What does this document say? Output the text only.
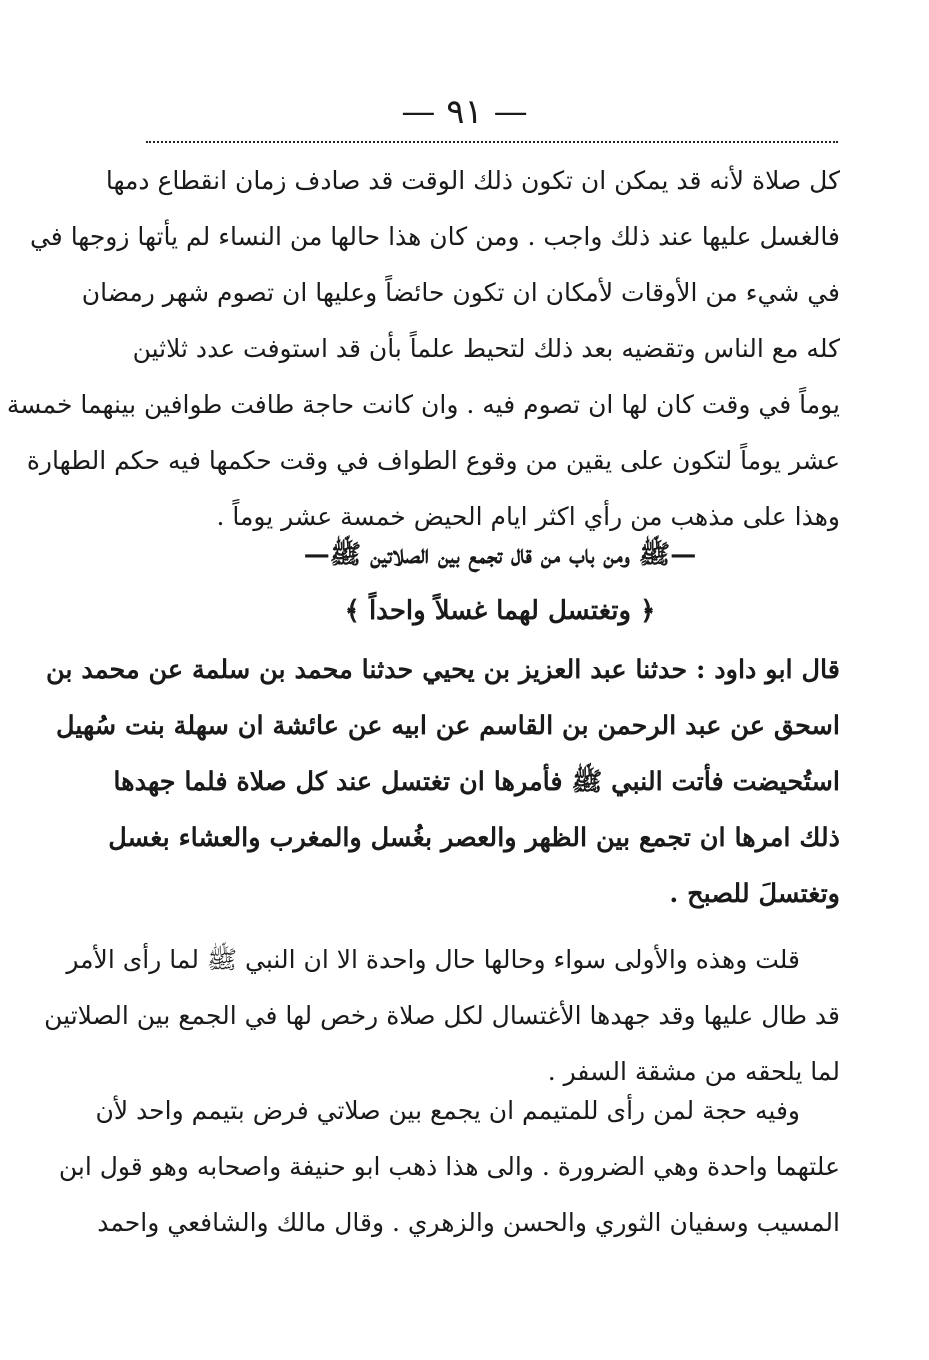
— ٩١ —
كل صلاة لأنه قد يمكن ان تكون ذلك الوقت قد صادف زمان انقطاع دمها
فالغسل عليها عند ذلك واجب . ومن كان هذا حالها من النساء لم يأتها زوجها في
في شيء من الأوقات لأمكان ان تكون حائضاً وعليها ان تصوم شهر رمضان
كله مع الناس وتقضيه بعد ذلك لتحيط علماً بأن قد استوفت عدد ثلاثين
يوماً في وقت كان لها ان تصوم فيه . وان كانت حاجة طافت طوافين بينهما خمسة
عشر يوماً لتكون على يقين من وقوع الطواف في وقت حكمها فيه حكم الطهارة
وهذا على مذهب من رأي اكثر ايام الحيض خمسة عشر يوماً .
—ﷺ ومن باب من قال تجمع بين الصلاتين ﷺ—
﴿ وتغتسل لهما غسلاً واحداً ﴾
قال ابو داود : حدثنا عبد العزيز بن يحيي حدثنا محمد بن سلمة عن محمد بن
اسحق عن عبد الرحمن بن القاسم عن ابيه عن عائشة ان سهلة بنت سُهيل
استُحيضت فأتت النبي ﷺ فأمرها ان تغتسل عند كل صلاة فلما جهدها
ذلك امرها ان تجمع بين الظهر والعصر بغُسل والمغرب والعشاء بغسل
وتغتسلَ للصبح .
قلت وهذه والأولى سواء وحالها حال واحدة الا ان النبي ﷺ لما رأى الأمر
قد طال عليها وقد جهدها الأغتسال لكل صلاة رخص لها في الجمع بين الصلاتين
لما يلحقه من مشقة السفر .
وفيه حجة لمن رأى للمتيمم ان يجمع بين صلاتي فرض بتيمم واحد لأن
علتهما واحدة وهي الضرورة . والى هذا ذهب ابو حنيفة واصحابه وهو قول ابن
المسيب وسفيان الثوري والحسن والزهري . وقال مالك والشافعي واحمد
